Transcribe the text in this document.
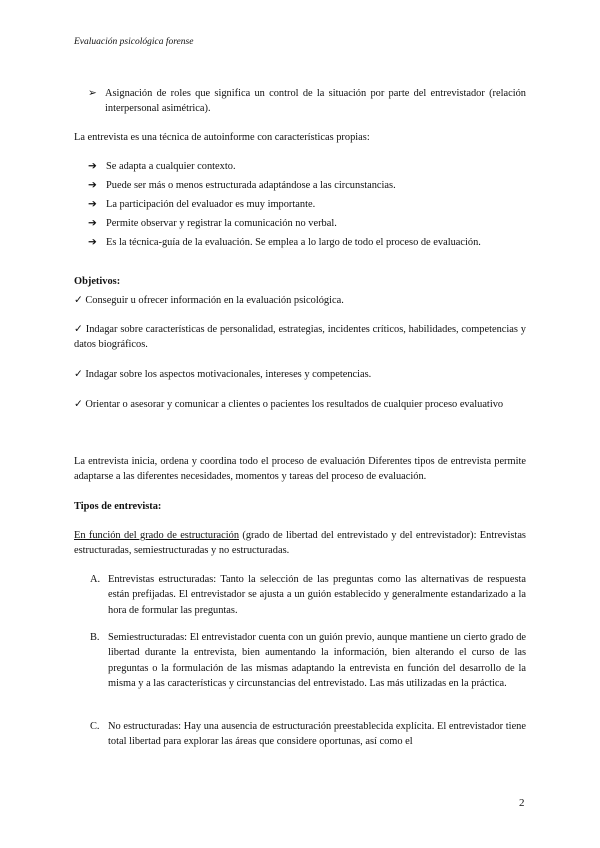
Evaluación psicológica forense
➢ Asignación de roles que significa un control de la situación por parte del entrevistador (relación interpersonal asimétrica).
La entrevista es una técnica de autoinforme con características propias:
➔ Se adapta a cualquier contexto.
➔ Puede ser más o menos estructurada adaptándose a las circunstancias.
➔ La participación del evaluador es muy importante.
➔ Permite observar y registrar la comunicación no verbal.
➔ Es la técnica-guía de la evaluación. Se emplea a lo largo de todo el proceso de evaluación.
Objetivos:
✓ Conseguir u ofrecer información en la evaluación psicológica.
✓ Indagar sobre características de personalidad, estrategias, incidentes críticos, habilidades, competencias y datos biográficos.
✓ Indagar sobre los aspectos motivacionales, intereses y competencias.
✓ Orientar o asesorar y comunicar a clientes o pacientes los resultados de cualquier proceso evaluativo
La entrevista inicia, ordena y coordina todo el proceso de evaluación Diferentes tipos de entrevista permite adaptarse a las diferentes necesidades, momentos y tareas del proceso de evaluación.
Tipos de entrevista:
En función del grado de estructuración (grado de libertad del entrevistado y del entrevistador): Entrevistas estructuradas, semiestructuradas y no estructuradas.
A. Entrevistas estructuradas: Tanto la selección de las preguntas como las alternativas de respuesta están prefijadas. El entrevistador se ajusta a un guión establecido y generalmente estandarizado a la hora de formular las preguntas.
B. Semiestructuradas: El entrevistador cuenta con un guión previo, aunque mantiene un cierto grado de libertad durante la entrevista, bien aumentando la información, bien alterando el curso de las preguntas o la formulación de las mismas adaptando la entrevista en función del desarrollo de la misma y a las características y circunstancias del entrevistado. Las más utilizadas en la práctica.
C. No estructuradas: Hay una ausencia de estructuración preestablecida explícita. El entrevistador tiene total libertad para explorar las áreas que considere oportunas, así como el
2
